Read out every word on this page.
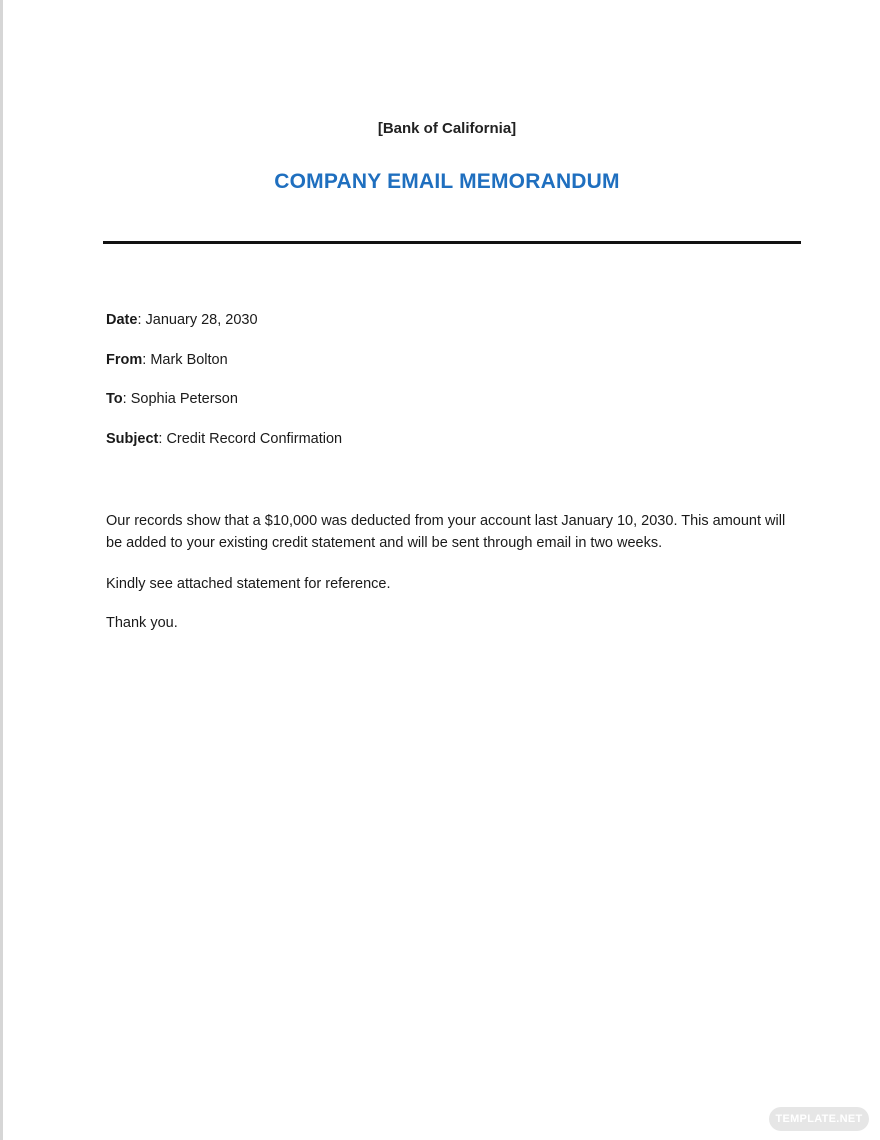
[Bank of California]
COMPANY EMAIL MEMORANDUM
Date: January 28, 2030
From: Mark Bolton
To: Sophia Peterson
Subject: Credit Record Confirmation

Our records show that a $10,000 was deducted from your account last January 10, 2030. This amount will be added to your existing credit statement and will be sent through email in two weeks.

Kindly see attached statement for reference.

Thank you.

TEMPLATE.NET
